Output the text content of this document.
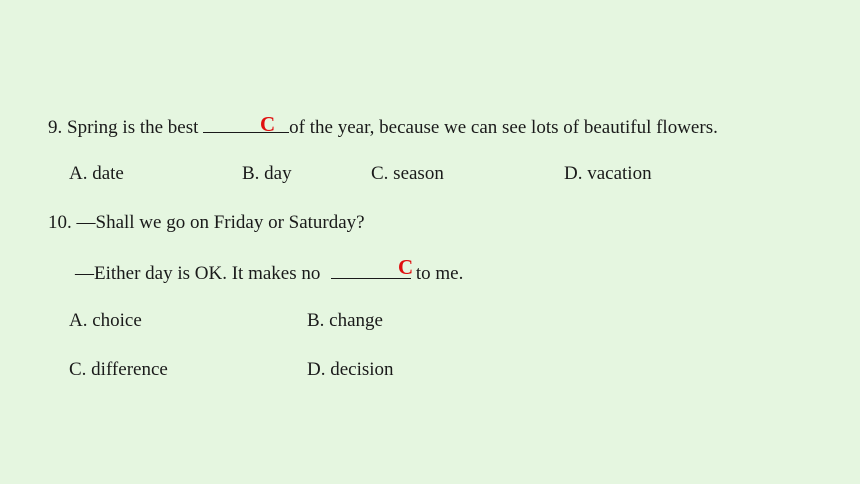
9. Spring is the best	of the year, because we can see lots of beautiful flowers.
C
A. date	B. day	C. season	D. vacation
10. —Shall we go on Friday or Saturday?
—Either day is OK. It makes no	to me.
C
A. choice	B. change
C. difference	D. decision
